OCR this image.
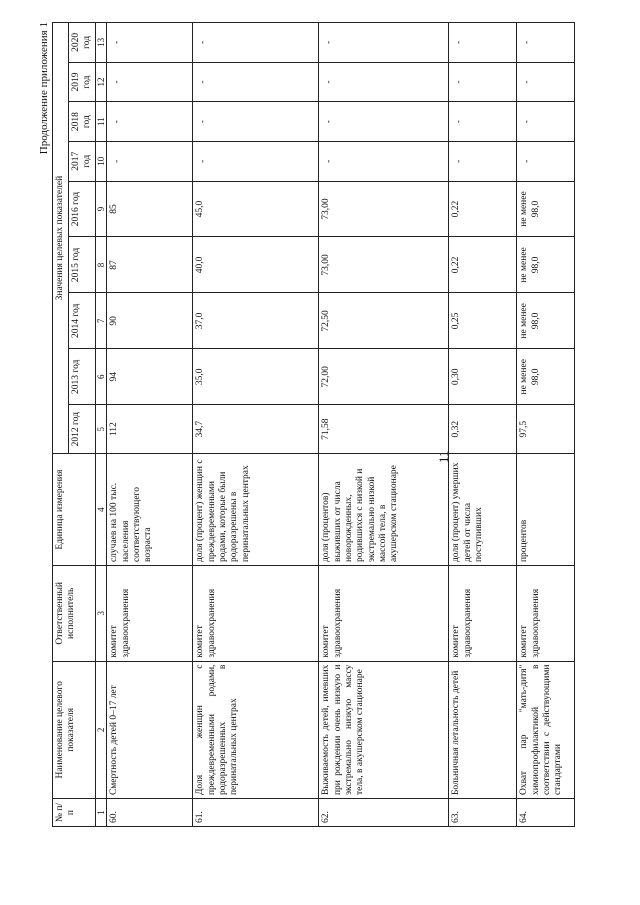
11
Продолжение приложения 1
№ п/п	Наименование целевого показателя	Ответственный исполнитель	Единица измерения	Значения целевых показателей								
				2012 год	2013 год	2014 год	2015 год	2016 год	2017 год	2018 год	2019 год	2020 год
1	2	3	4	5	6	7	8	9	10	11	12	13
60.	Смертность детей 0–17 лет	комитет здравоохранения	случаев на 100 тыс. населения соответствующего возраста	112	94	90	87	85	-	-	-	-
61.	Доля женщин с преждевременными родами, родоразрешенных в перинатальных центрах	комитет здравоохранения	доля (процент) женщин с преждевременными родами, которые были родоразрешены в перинатальных центрах	34,7	35,0	37,0	40,0	45,0	-	-	-	-
62.	Выживаемость детей, имевших при рождении очень низкую и экстремально низкую массу тела, в акушерском стационаре	комитет здравоохранения	доля (процентов) выживших от числа новорожденных, родившихся с низкой и экстремально низкой массой тела, в акушерском стационаре	71,58	72,00	72,50	73,00	73,00	-	-	-	-
63.	Больничная летальность детей	комитет здравоохранения	доля (процент) умерших детей от числа поступивших	0,32	0,30	0,25	0,22	0,22	-	-	-	-
64.	Охват пар "мать-дитя" химиопрофилактикой в соответствии с действующими стандартами	комитет здравоохранения	процентов	97,5	не менее 98,0	не менее 98,0	не менее 98,0	не менее 98,0	-	-	-	-
